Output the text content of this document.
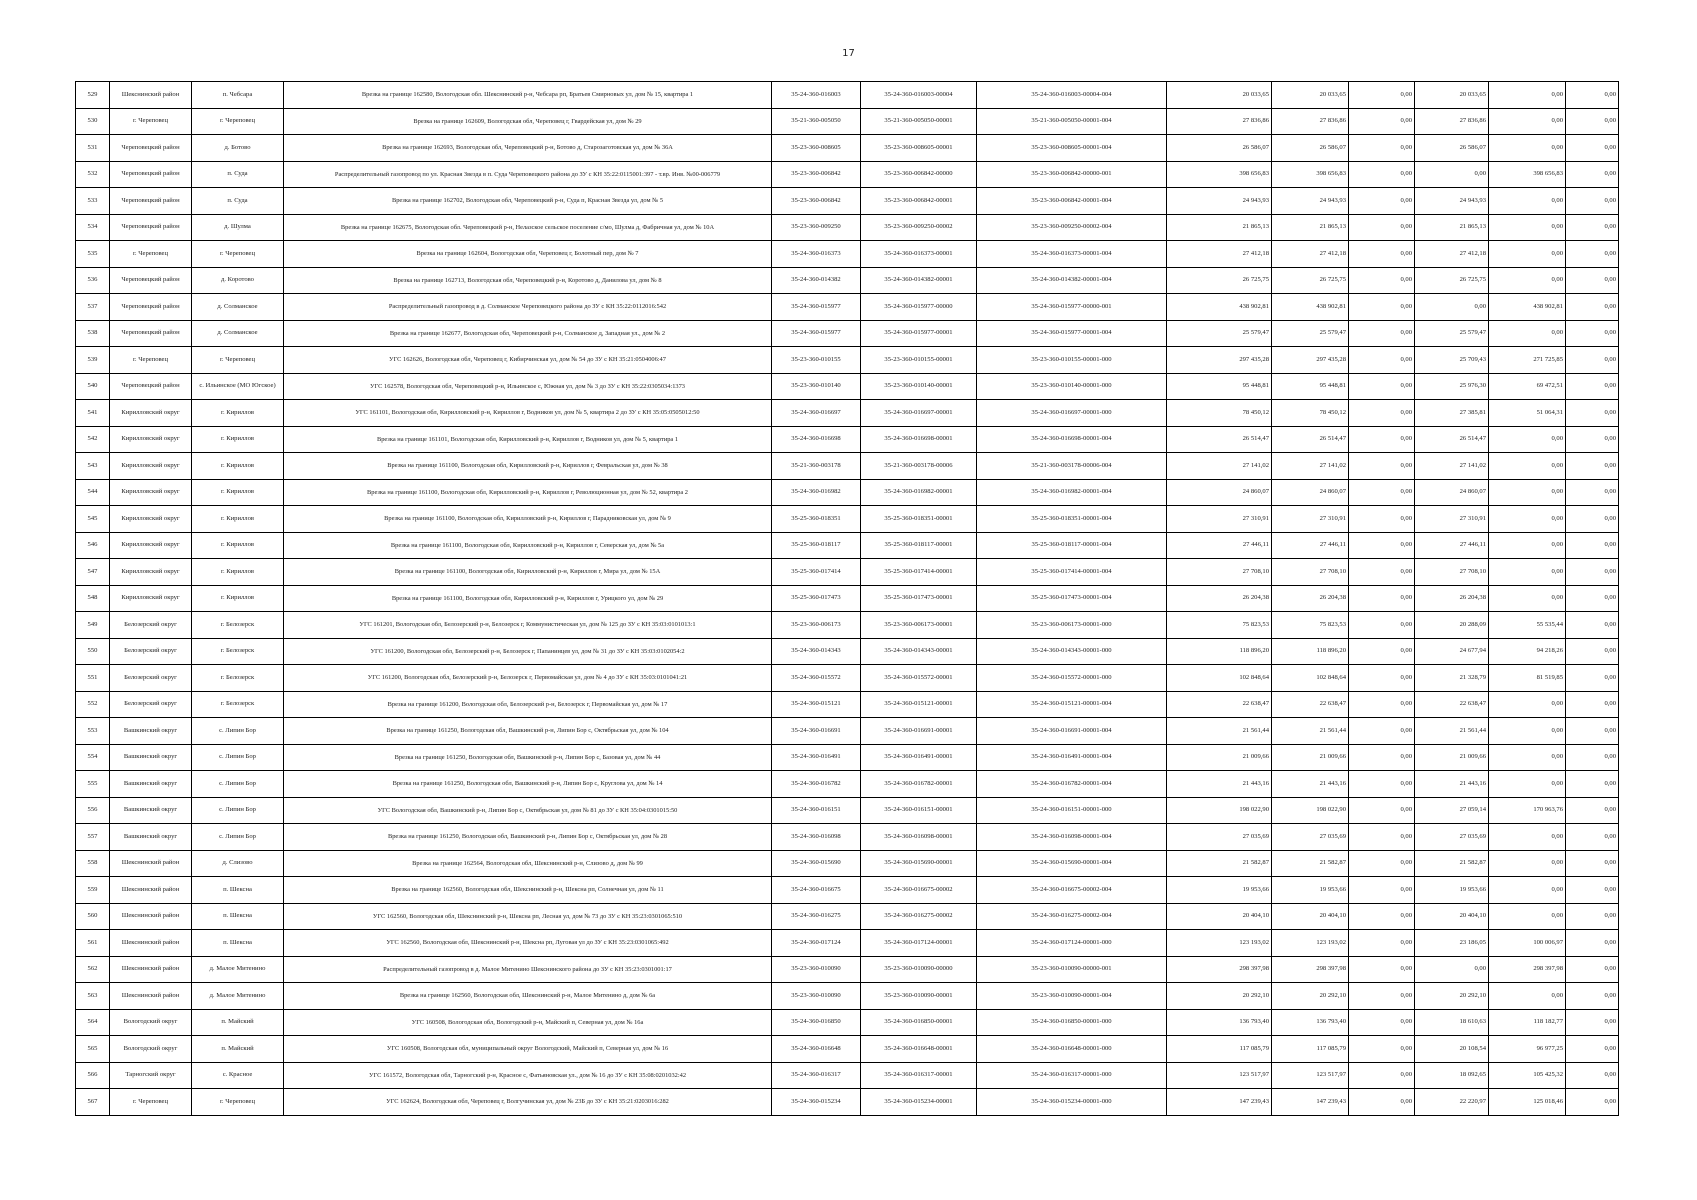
17
529	Шекснинский район	п. Чебсара	Врезка на границе 162580, Вологодская обл. Шекснинский р-н, Чебсара рп, Братьев Смирновых ул, дом № 15, квартира 1	35-24-360-016003	35-24-360-016003-00004	35-24-360-016003-00004-004	20 033,65	20 033,65	0,00	20 033,65	0,00	0,00
530	г. Череповец	г. Череповец	Врезка на границе 162609, Вологодская обл, Череповец г, Гвардейская ул, дом № 29	35-21-360-005050	35-21-360-005050-00001	35-21-360-005050-00001-004	27 836,86	27 836,86	0,00	27 836,86	0,00	0,00
531	Череповецкий район	д. Ботово	Врезка на границе 162693, Вологодская обл, Череповецкий р-н, Ботово д, Старозаготовская ул, дом № 36А	35-23-360-008605	35-23-360-008605-00001	35-23-360-008605-00001-004	26 586,07	26 586,07	0,00	26 586,07	0,00	0,00
532	Череповецкий район	п. Суда	Распределительный газопровод по ул. Красная Звезда в п. Суда Череповецкого района до ЗУ с КН 35:22:0115001:397 - т.вр. Инв. №00-006779	35-23-360-006842	35-23-360-006842-00000	35-23-360-006842-00000-001	398 656,83	398 656,83	0,00	0,00	398 656,83	0,00
533	Череповецкий район	п. Суда	Врезка на границе 162702, Вологодская обл, Череповецкий р-н, Суда п, Красная Звезда ул, дом № 5	35-23-360-006842	35-23-360-006842-00001	35-23-360-006842-00001-004	24 943,93	24 943,93	0,00	24 943,93	0,00	0,00
534	Череповецкий район	д. Шулма	Врезка на границе 162675, Вологодская обл. Череповецкий р-н, Нелазское сельское поселение с/мо, Шулма д, Фабричная ул, дом № 10А	35-23-360-009250	35-23-360-009250-00002	35-23-360-009250-00002-004	21 865,13	21 865,13	0,00	21 865,13	0,00	0,00
535	г. Череповец	г. Череповец	Врезка на границе 162604, Вологодская обл, Череповец г, Болотный пер, дом № 7	35-24-360-016373	35-24-360-016373-00001	35-24-360-016373-00001-004	27 412,18	27 412,18	0,00	27 412,18	0,00	0,00
536	Череповецкий район	д. Коротово	Врезка на границе 162713, Вологодская обл, Череповецкий р-н, Коротово д, Данилова ул, дом № 8	35-24-360-014382	35-24-360-014382-00001	35-24-360-014382-00001-004	26 725,75	26 725,75	0,00	26 725,75	0,00	0,00
537	Череповецкий район	д. Солманское	Распределительный газопровод в д. Солманское Череповецкого района до ЗУ с КН 35:22:0112016:542	35-24-360-015977	35-24-360-015977-00000	35-24-360-015977-00000-001	438 902,81	438 902,81	0,00	0,00	438 902,81	0,00
538	Череповецкий район	д. Солманское	Врезка на границе 162677, Вологодская обл, Череповецкий р-н, Солманское д, Западная ул., дом № 2	35-24-360-015977	35-24-360-015977-00001	35-24-360-015977-00001-004	25 579,47	25 579,47	0,00	25 579,47	0,00	0,00
539	г. Череповец	г. Череповец	УГС 162626, Вологодская обл, Череповец г, Кибирчинская ул, дом № 54 до ЗУ с КН 35:21:0504006:47	35-23-360-010155	35-23-360-010155-00001	35-23-360-010155-00001-000	297 435,28	297 435,28	0,00	25 709,43	271 725,85	0,00
540	Череповецкий район	с. Ильинское (МО Югское)	УГС 162578, Вологодская обл, Череповецкий р-н, Ильинское с, Южная ул, дом № 3 до ЗУ с КН 35:22:0305034:1373	35-23-360-010140	35-23-360-010140-00001	35-23-360-010140-00001-000	95 448,81	95 448,81	0,00	25 976,30	69 472,51	0,00
541	Кирилловский округ	г. Кириллов	УГС 161101, Вологодская обл, Кирилловский р-н, Кириллов г, Водников ул, дом № 5, квартира 2 до ЗУ с КН 35:05:0505012:50	35-24-360-016697	35-24-360-016697-00001	35-24-360-016697-00001-000	78 450,12	78 450,12	0,00	27 385,81	51 064,31	0,00
542	Кирилловский округ	г. Кириллов	Врезка на границе 161101, Вологодская обл, Кирилловский р-н, Кириллов г, Водников ул, дом № 5, квартира 1	35-24-360-016698	35-24-360-016698-00001	35-24-360-016698-00001-004	26 514,47	26 514,47	0,00	26 514,47	0,00	0,00
543	Кирилловский округ	г. Кириллов	Врезка на границе 161100, Вологодская обл, Кирилловский р-н, Кириллов г, Февральская ул, дом № 38	35-21-360-003178	35-21-360-003178-00006	35-21-360-003178-00006-004	27 141,02	27 141,02	0,00	27 141,02	0,00	0,00
544	Кирилловский округ	г. Кириллов	Врезка на границе 161100, Вологодская обл, Кирилловский р-н, Кириллов г, Революционная ул, дом № 52, квартира 2	35-24-360-016982	35-24-360-016982-00001	35-24-360-016982-00001-004	24 860,07	24 860,07	0,00	24 860,07	0,00	0,00
545	Кирилловский округ	г. Кириллов	Врезка на границе 161100, Вологодская обл, Кирилловский р-н, Кириллов г, Парадниковская ул, дом № 9	35-25-360-018351	35-25-360-018351-00001	35-25-360-018351-00001-004	27 310,91	27 310,91	0,00	27 310,91	0,00	0,00
546	Кирилловский округ	г. Кириллов	Врезка на границе 161100, Вологодская обл, Кирилловский р-н, Кириллов г, Северская ул, дом № 5а	35-25-360-018117	35-25-360-018117-00001	35-25-360-018117-00001-004	27 446,11	27 446,11	0,00	27 446,11	0,00	0,00
547	Кирилловский округ	г. Кириллов	Врезка на границе 161100, Вологодская обл, Кирилловский р-н, Кириллов г, Мира ул, дом № 15А	35-25-360-017414	35-25-360-017414-00001	35-25-360-017414-00001-004	27 708,10	27 708,10	0,00	27 708,10	0,00	0,00
548	Кирилловский округ	г. Кириллов	Врезка на границе 161100, Вологодская обл, Кирилловский р-н, Кириллов г, Урицкого ул, дом № 29	35-25-360-017473	35-25-360-017473-00001	35-25-360-017473-00001-004	26 204,38	26 204,38	0,00	26 204,38	0,00	0,00
549	Белозерский округ	г. Белозерск	УГС 161201, Вологодская обл, Белозерский р-н, Белозерск г, Коммунистическая ул, дом № 125 до ЗУ с КН 35:03:0101013:1	35-23-360-006173	35-23-360-006173-00001	35-23-360-006173-00001-000	75 823,53	75 823,53	0,00	20 288,09	55 535,44	0,00
550	Белозерский округ	г. Белозерск	УГС 161200, Вологодская обл, Белозерский р-н, Белозерск г, Папанинцев ул, дом № 31 до ЗУ с КН 35:03:0102054:2	35-24-360-014343	35-24-360-014343-00001	35-24-360-014343-00001-000	118 896,20	118 896,20	0,00	24 677,94	94 218,26	0,00
551	Белозерский округ	г. Белозерск	УГС 161200, Вологодская обл, Белозерский р-н, Белозерск г, Первомайская ул, дом № 4 до ЗУ с КН 35:03:0101041:21	35-24-360-015572	35-24-360-015572-00001	35-24-360-015572-00001-000	102 848,64	102 848,64	0,00	21 328,79	81 519,85	0,00
552	Белозерский округ	г. Белозерск	Врезка на границе 161200, Вологодская обл, Белозерский р-н, Белозерск г, Первомайская ул, дом № 17	35-24-360-015121	35-24-360-015121-00001	35-24-360-015121-00001-004	22 638,47	22 638,47	0,00	22 638,47	0,00	0,00
553	Вашкинский округ	с. Липин Бор	Врезка на границе 161250, Вологодская обл, Вашкинский р-н, Липин Бор с, Октябрьская ул, дом № 104	35-24-360-016691	35-24-360-016691-00001	35-24-360-016691-00001-004	21 561,44	21 561,44	0,00	21 561,44	0,00	0,00
554	Вашкинский округ	с. Липин Бор	Врезка на границе 161250, Вологодская обл, Вашкинский р-н, Липин Бор с, Базовая ул, дом № 44	35-24-360-016491	35-24-360-016491-00001	35-24-360-016491-00001-004	21 009,66	21 009,66	0,00	21 009,66	0,00	0,00
555	Вашкинский округ	с. Липин Бор	Врезка на границе 161250, Вологодская обл, Вашкинский р-н, Липин Бор с, Круглова ул, дом № 14	35-24-360-016782	35-24-360-016782-00001	35-24-360-016782-00001-004	21 443,16	21 443,16	0,00	21 443,16	0,00	0,00
556	Вашкинский округ	с. Липин Бор	УГС Вологодская обл, Вашкинский р-н, Липин Бор с, Октябрьская ул, дом № 81 до ЗУ с КН 35:04:0301015:50	35-24-360-016151	35-24-360-016151-00001	35-24-360-016151-00001-000	198 022,90	198 022,90	0,00	27 059,14	170 963,76	0,00
557	Вашкинский округ	с. Липин Бор	Врезка на границе 161250, Вологодская обл, Вашкинский р-н, Липин Бор с, Октябрьская ул, дом № 28	35-24-360-016098	35-24-360-016098-00001	35-24-360-016098-00001-004	27 035,69	27 035,69	0,00	27 035,69	0,00	0,00
558	Шекснинский район	д. Слизово	Врезка на границе 162564, Вологодская обл, Шекснинский р-н, Слизово д, дом № 99	35-24-360-015690	35-24-360-015690-00001	35-24-360-015690-00001-004	21 582,87	21 582,87	0,00	21 582,87	0,00	0,00
559	Шекснинский район	п. Шексна	Врезка на границе 162560, Вологодская обл, Шекснинский р-н, Шексна рп, Солнечная ул, дом № 11	35-24-360-016675	35-24-360-016675-00002	35-24-360-016675-00002-004	19 953,66	19 953,66	0,00	19 953,66	0,00	0,00
560	Шекснинский район	п. Шексна	УГС 162560, Вологодская обл, Шекснинский р-н, Шексна рп, Лесная ул, дом № 73 до ЗУ с КН 35:23:0301065:510	35-24-360-016275	35-24-360-016275-00002	35-24-360-016275-00002-004	20 404,10	20 404,10	0,00	20 404,10	0,00	0,00
561	Шекснинский район	п. Шексна	УГС 162560, Вологодская обл, Шекснинский р-н, Шексна рп, Луговая ул до ЗУ с КН 35:23:0301065:492	35-24-360-017124	35-24-360-017124-00001	35-24-360-017124-00001-000	123 193,02	123 193,02	0,00	23 186,05	100 006,97	0,00
562	Шекснинский район	д. Малое Митенино	Распределительный газопровод в д. Малое Митенино Шекснинского района до ЗУ с КН 35:23:0301001:17	35-23-360-010090	35-23-360-010090-00000	35-23-360-010090-00000-001	298 397,98	298 397,98	0,00	0,00	298 397,98	0,00
563	Шекснинский район	д. Малое Митенино	Врезка на границе 162560, Вологодская обл, Шекснинский р-н, Малое Митенино д, дом № 6а	35-23-360-010090	35-23-360-010090-00001	35-23-360-010090-00001-004	20 292,10	20 292,10	0,00	20 292,10	0,00	0,00
564	Вологодский округ	п. Майский	УГС 160508, Вологодская обл, Вологодский р-н, Майский п, Северная ул, дом № 16а	35-24-360-016850	35-24-360-016850-00001	35-24-360-016850-00001-000	136 793,40	136 793,40	0,00	18 610,63	118 182,77	0,00
565	Вологодский округ	п. Майский	УГС 160508, Вологодская обл, муниципальный округ Вологодский, Майский п, Северная ул, дом № 16	35-24-360-016648	35-24-360-016648-00001	35-24-360-016648-00001-000	117 085,79	117 085,79	0,00	20 108,54	96 977,25	0,00
566	Тарногский округ	с. Красное	УГС 161572, Вологодская обл, Тарногский р-н, Красное с, Фатьяновская ул., дом № 16 до ЗУ с КН 35:08:0201032:42	35-24-360-016317	35-24-360-016317-00001	35-24-360-016317-00001-000	123 517,97	123 517,97	0,00	18 092,65	105 425,32	0,00
567	г. Череповец	г. Череповец	УГС 162624, Вологодская обл, Череповец г, Волгучинская ул, дом № 23Б до ЗУ с КН 35:21:0203016:282	35-24-360-015234	35-24-360-015234-00001	35-24-360-015234-00001-000	147 239,43	147 239,43	0,00	22 220,97	125 018,46	0,00
